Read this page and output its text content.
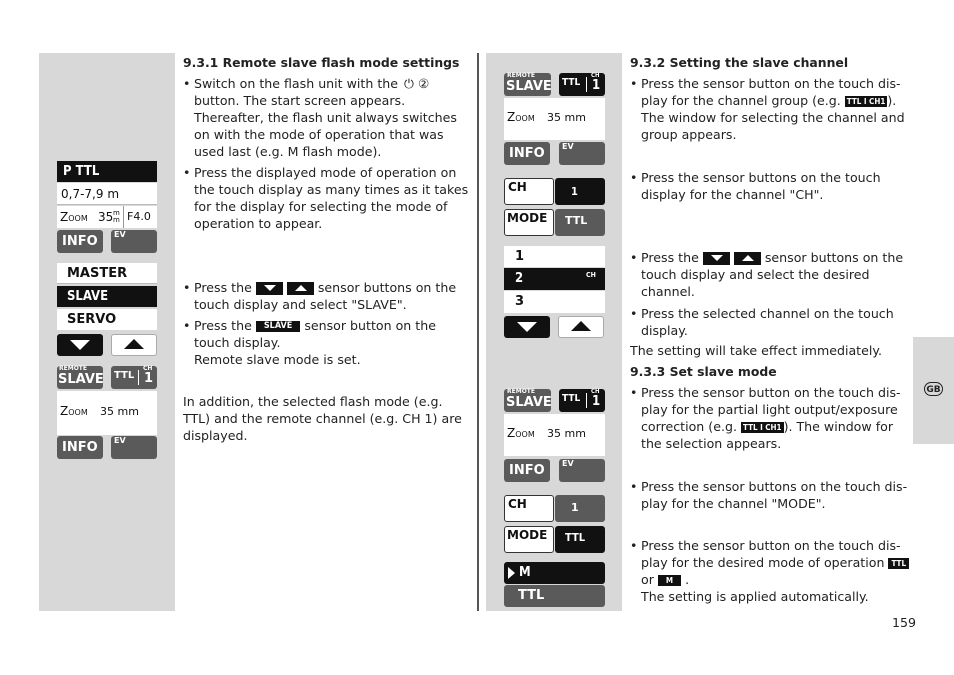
GB
P TTL
0,7-7,9 m
Zoom 35 m
m F4.0
INFO	EV
MASTER
SLAVE
SERVO
REMOTE
SLAVE TTL
CH
1
Zoom 35 mm
INFO	EV
REMOTE
SLAVE TTL
CH
1
Zoom 35 mm
INFO	EV
CH	1
MODE	TTL
1
2	CH
3
REMOTE
SLAVE TTL
CH
1
Zoom 35 mm
INFO	EV
CH	1
MODE	TTL
M
TTL
9.3.1 Remote slave flash mode settings
• Switch on the flash unit with the ⏻ ②
button. The start screen appears.
Thereafter, the flash unit always switches
on with the mode of operation that was
used last (e.g. M flash mode).
• Press the displayed mode of operation on
the touch display as many times as it takes
for the display for selecting the mode of
operation to appear.
• Press the
	sensor buttons on the
touch display and select "SLAVE".
• Press the SLAVE sensor button on the
touch display.
Remote slave mode is set.
In addition, the selected flash mode (e.g.
TTL) and the remote channel (e.g. CH 1) are
displayed.
9.3.2 Setting the slave channel
• Press the sensor button on the touch dis-
play for the channel group (e.g. TTL I CH1 ).
The window for selecting the channel and
group appears.
• Press the sensor buttons on the touch
display for the channel "CH".
• Press the
	sensor buttons on the
touch display and select the desired
channel.
• Press the selected channel on the touch
display.
The setting will take effect immediately.
9.3.3 Set slave mode
• Press the sensor button on the touch dis-
play for the partial light output/exposure
correction (e.g. TTL I CH1 ). The window for
the selection appears.
• Press the sensor buttons on the touch dis-
play for the channel "MODE".
• Press the sensor button on the touch dis-
play for the desired mode of operation TTL
or M .
The setting is applied automatically.
159
